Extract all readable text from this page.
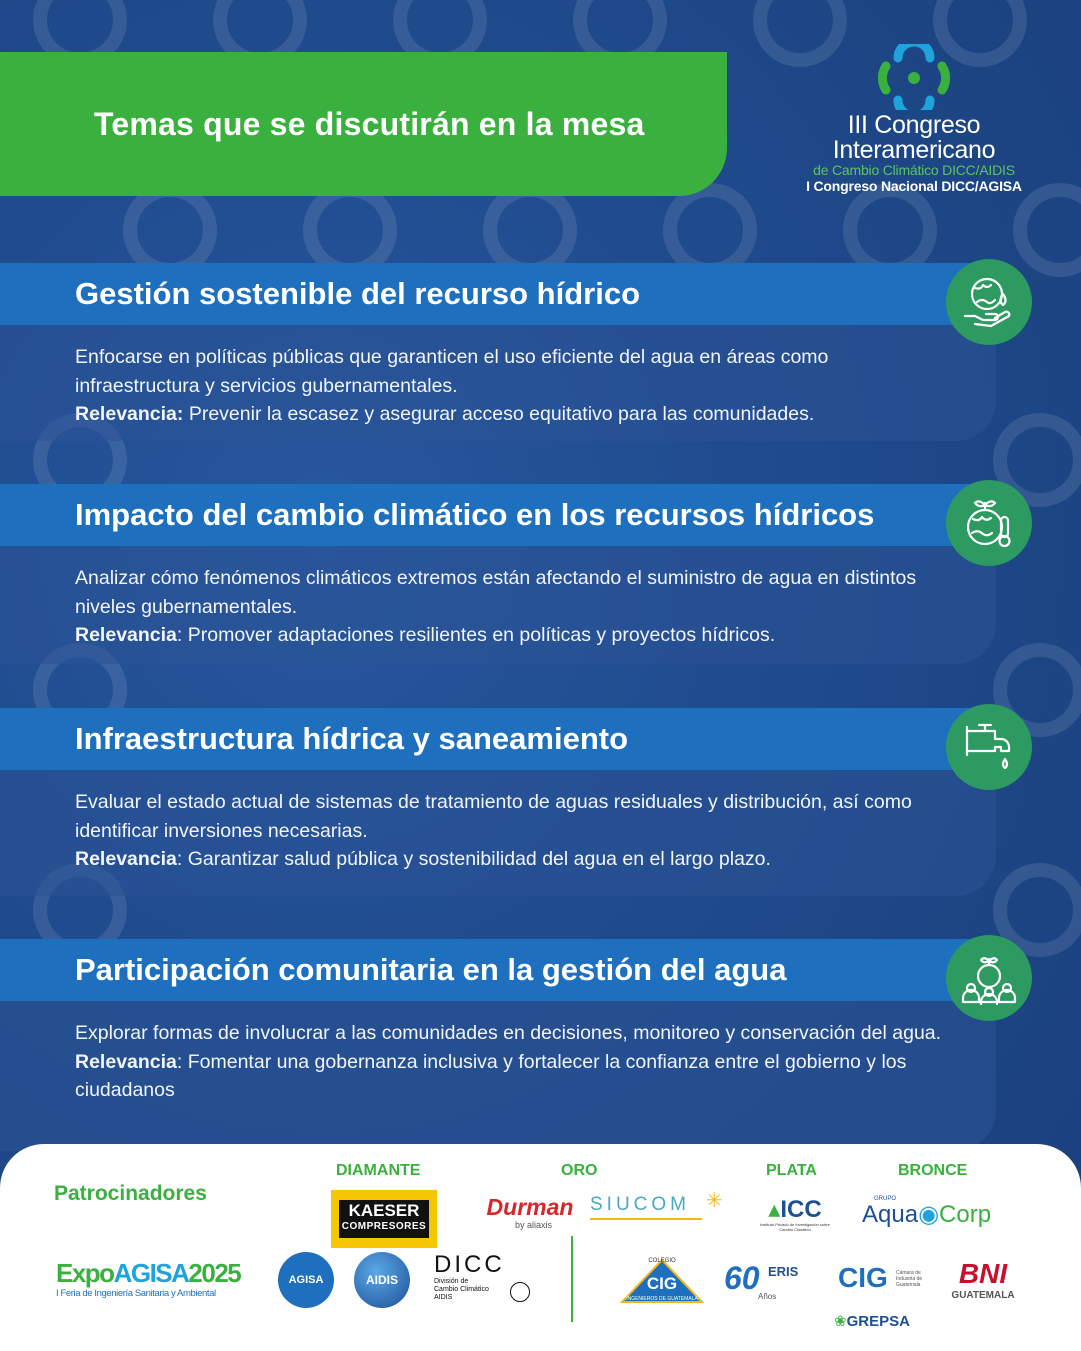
Temas que se discutirán en la mesa	III Congreso
Interamericano
de Cambio Climático DICC/AIDIS
I Congreso Nacional DICC/AGISA
Gestión sostenible del recurso hídrico
Enfocarse en políticas públicas que garanticen el uso eficiente del agua en áreas como infraestructura y servicios gubernamentales.
Relevancia: Prevenir la escasez y asegurar acceso equitativo para las comunidades.
Impacto del cambio climático en los recursos hídricos
Analizar cómo fenómenos climáticos extremos están afectando el suministro de agua en distintos niveles gubernamentales.
Relevancia: Promover adaptaciones resilientes en políticas y proyectos hídricos.
Infraestructura hídrica y saneamiento
Evaluar el estado actual de sistemas de tratamiento de aguas residuales y distribución, así como identificar inversiones necesarias.
Relevancia: Garantizar salud pública y sostenibilidad del agua en el largo plazo.
Participación comunitaria en la gestión del agua
Explorar formas de involucrar a las comunidades en decisiones, monitoreo y conservación del agua.
Relevancia: Fomentar una gobernanza inclusiva y fortalecer la confianza entre el gobierno y los ciudadanos
Patrocinadores
DIAMANTE	ORO	PLATA	BRONCE
KAESER
COMPRESORES
Durman
by aliaxis
SIUCOM ✳	▴ICC
Instituto Privado de Investigación sobre Cambio Climático
GRUPO
Aqua◉Corp
ExpoAGISA2025
I Feria de Ingeniería Sanitaria y Ambiental
AGISA	AIDIS
DICC
División de
Cambio Climático
AIDIS
COLEGIO
CIG
INGENIEROS DE GUATEMALA
60 ERIS
Años
CIG Cámara de
Industria de
Guatemala
❀GREPSA
BNI
GUATEMALA
